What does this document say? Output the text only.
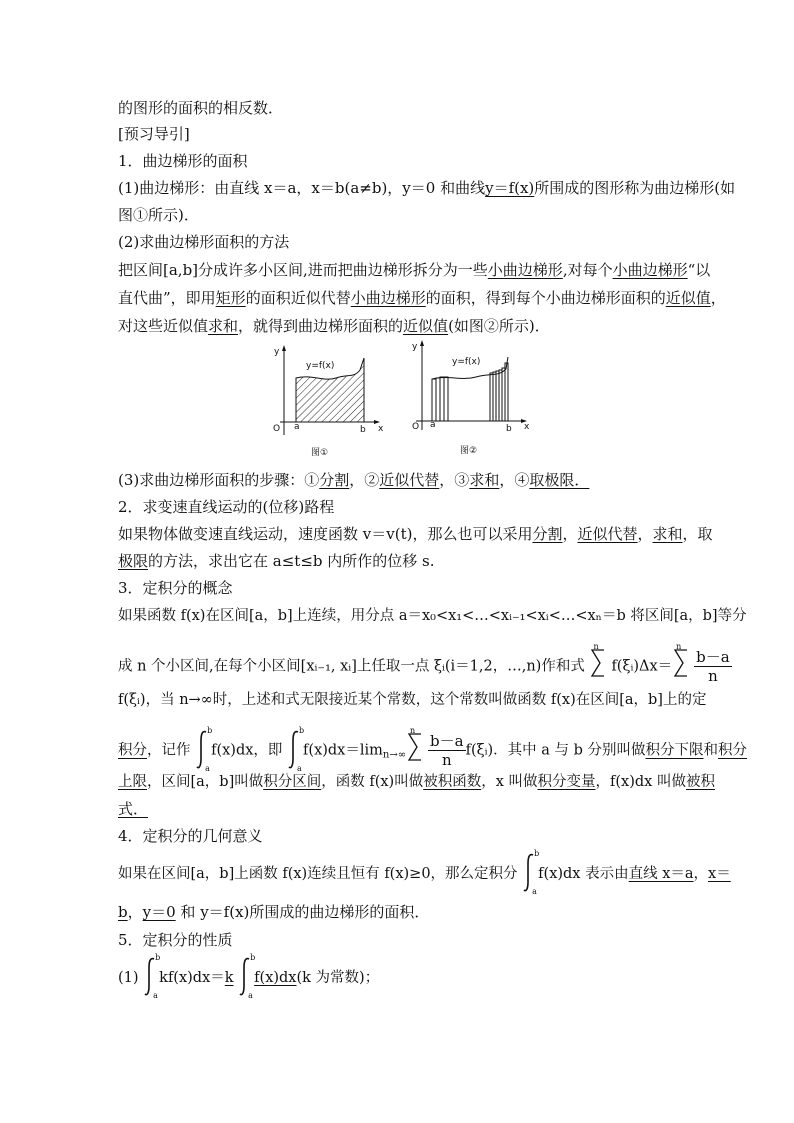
的图形的面积的相反数．
[预习导引]
1．曲边梯形的面积
(1)曲边梯形：由直线 x＝a，x＝b(a≠b)，y＝0 和曲线y＝f(x)所围成的图形称为曲边梯形(如
图①所示)．
(2)求曲边梯形面积的方法
把区间[a,b]分成许多小区间,进而把曲边梯形拆分为一些小曲边梯形,对每个小曲边梯形“以
直代曲”，即用矩形的面积近似代替小曲边梯形的面积，得到每个小曲边梯形面积的近似值，
对这些近似值求和，就得到曲边梯形面积的近似值(如图②所示)．
y=f(x)
y
x
O a	b
图①
y=f(x)
y
x
O a	b
图②
(3)求曲边梯形面积的步骤：①分割，②近似代替，③求和，④取极限．
2．求变速直线运动的(位移)路程
如果物体做变速直线运动，速度函数 v＝v(t)，那么也可以采用分割，近似代替，求和，取
极限的方法，求出它在 a≤t≤b 内所作的位移 s.
3．定积分的概念
如果函数 f(x)在区间[a，b]上连续，用分点 a＝x₀<x₁<…<xᵢ₋₁<xᵢ<…<xₙ＝b 将区间[a，b]等分
成 n 个小区间,在每个小区间[xᵢ₋₁, xᵢ]上任取一点 ξᵢ(i＝1,2，…,n)作和式
n
f(ξᵢ)Δx＝
n
$\frac{b-a}{n}$
f(ξᵢ)，当 n→∞时，上述和式无限接近某个常数，这个常数叫做函数 f(x)在区间[a，b]上的定
积分，记作
b
a
f(x)dx，即
b
a
$f(x)dx=\lim_{n\to\infty}$
n
$\frac{b-a}{n}$ f(ξᵢ)．其中 a 与 b 分别叫做积分下限和积分
上限，区间[a，b]叫做积分区间，函数 f(x)叫做被积函数，x 叫做积分变量，f(x)dx 叫做被积
式．
4．定积分的几何意义
如果在区间[a，b]上函数 f(x)连续且恒有 f(x)≥0，那么定积分
b
a
f(x)dx 表示由直线 x＝a，x＝
b，y＝0 和 y＝f(x)所围成的曲边梯形的面积．
5．定积分的性质
(1)
b
a
kf(x)dx＝k
b
a
f(x)dx(k 为常数)；
